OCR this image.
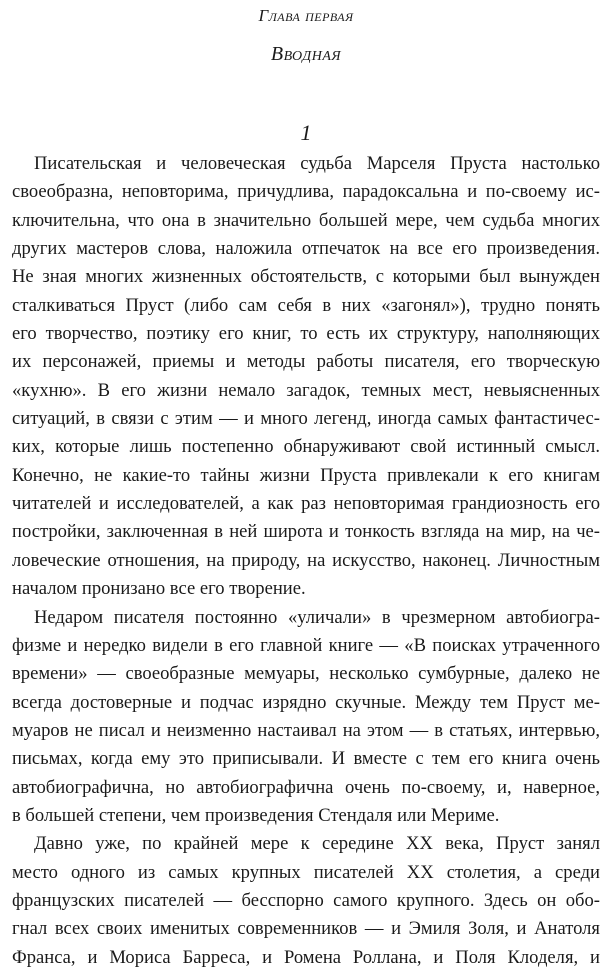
Глава первая
Вводная
1
Писательская и человеческая судьба Марселя Пруста настолько
своеобразна, неповторима, причудлива, парадоксальна и по-своему ис-
ключительна, что она в значительно большей мере, чем судьба многих
других мастеров слова, наложила отпечаток на все его произведения.
Не зная многих жизненных обстоятельств, с которыми был вынужден
сталкиваться Пруст (либо сам себя в них «загонял»), трудно понять
его творчество, поэтику его книг, то есть их структуру, наполняющих
их персонажей, приемы и методы работы писателя, его творческую
«кухню». В его жизни немало загадок, темных мест, невыясненных
ситуаций, в связи с этим — и много легенд, иногда самых фантастичес-
ких, которые лишь постепенно обнаруживают свой истинный смысл.
Конечно, не какие-то тайны жизни Пруста привлекали к его книгам
читателей и исследователей, а как раз неповторимая грандиозность его
постройки, заключенная в ней широта и тонкость взгляда на мир, на че-
ловеческие отношения, на природу, на искусство, наконец. Личностным
началом пронизано все его творение.
Недаром писателя постоянно «уличали» в чрезмерном автобиогра-
физме и нередко видели в его главной книге — «В поисках утраченного
времени» — своеобразные мемуары, несколько сумбурные, далеко не
всегда достоверные и подчас изрядно скучные. Между тем Пруст ме-
муаров не писал и неизменно настаивал на этом — в статьях, интервью,
письмах, когда ему это приписывали. И вместе с тем его книга очень
автобиографична, но автобиографична очень по-своему, и, наверное,
в большей степени, чем произведения Стендаля или Мериме.
Давно уже, по крайней мере к середине XX века, Пруст занял
место одного из самых крупных писателей XX столетия, а среди
французских писателей — бесспорно самого крупного. Здесь он обо-
гнал всех своих именитых современников — и Эмиля Золя, и Анатоля
Франса, и Мориса Барреса, и Ромена Роллана, и Поля Клоделя, и
